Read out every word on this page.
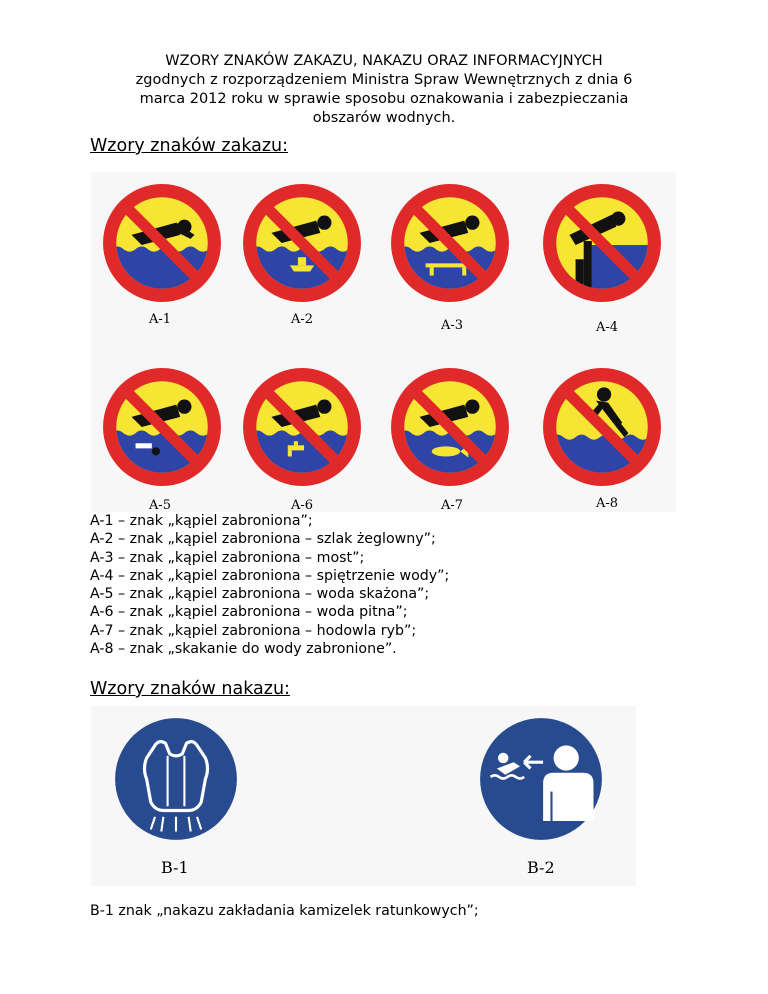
WZORY ZNAKÓW ZAKAZU, NAKAZU ORAZ INFORMACYJNYCH
zgodnych z rozporządzeniem Ministra Spraw Wewnętrznych z dnia 6
marca 2012 roku w sprawie sposobu oznakowania i zabezpieczania
obszarów wodnych.
Wzory znaków zakazu:
A-1	A-2	A-3	A-4
A-5	A-6	A-7	A-8
A-1 – znak „kąpiel zabroniona”;
A-2 – znak „kąpiel zabroniona – szlak żeglowny”;
A-3 – znak „kąpiel zabroniona – most”;
A-4 – znak „kąpiel zabroniona – spiętrzenie wody”;
A-5 – znak „kąpiel zabroniona – woda skażona”;
A-6 – znak „kąpiel zabroniona – woda pitna”;
A-7 – znak „kąpiel zabroniona – hodowla ryb”;
A-8 – znak „skakanie do wody zabronione”.
Wzory znaków nakazu:
B-1	B-2
B-1 znak „nakazu zakładania kamizelek ratunkowych”;
